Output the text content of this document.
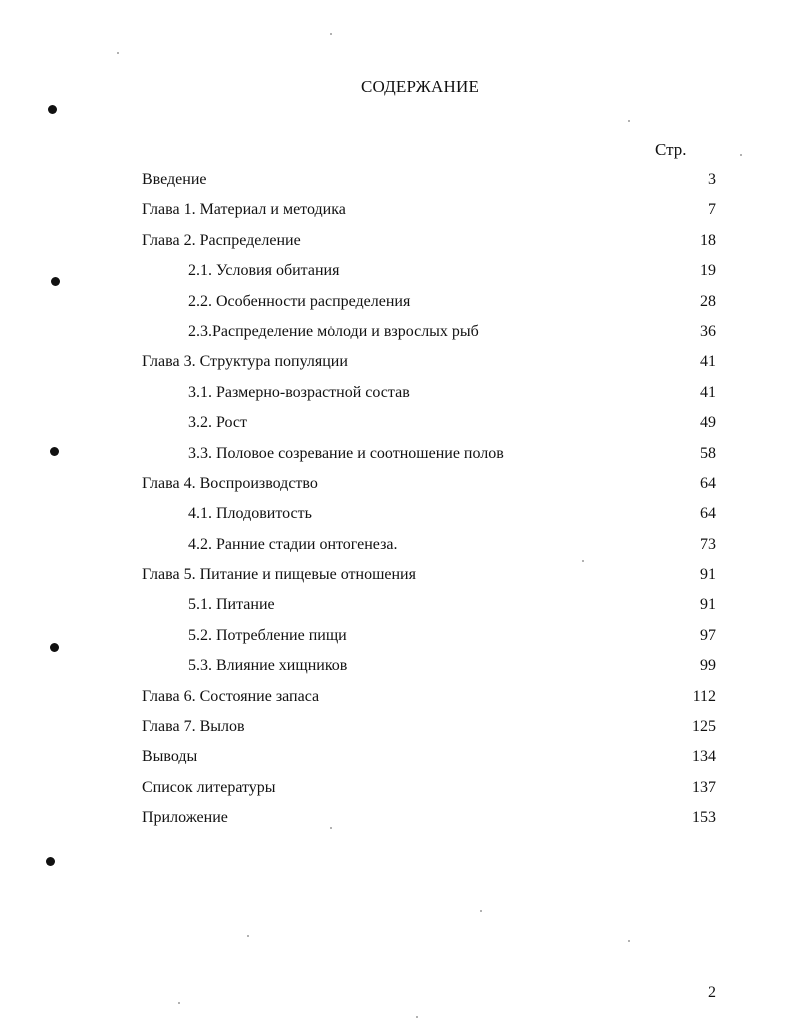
СОДЕРЖАНИЕ
Стр.
Введение	3
Глава 1. Материал и методика	7
Глава 2. Распределение	18
2.1. Условия обитания	19
2.2. Особенности распределения	28
2.3.Распределение молоди и взрослых рыб	36
Глава 3. Структура популяции	41
3.1. Размерно-возрастной состав	41
3.2. Рост	49
3.3. Половое созревание и соотношение полов	58
Глава 4. Воспроизводство	64
4.1. Плодовитость	64
4.2. Ранние стадии онтогенеза.	73
Глава 5. Питание и пищевые отношения	91
5.1. Питание	91
5.2. Потребление пищи	97
5.3. Влияние хищников	99
Глава 6. Состояние запаса	112
Глава 7. Вылов	125
Выводы	134
Список литературы	137
Приложение	153
2
